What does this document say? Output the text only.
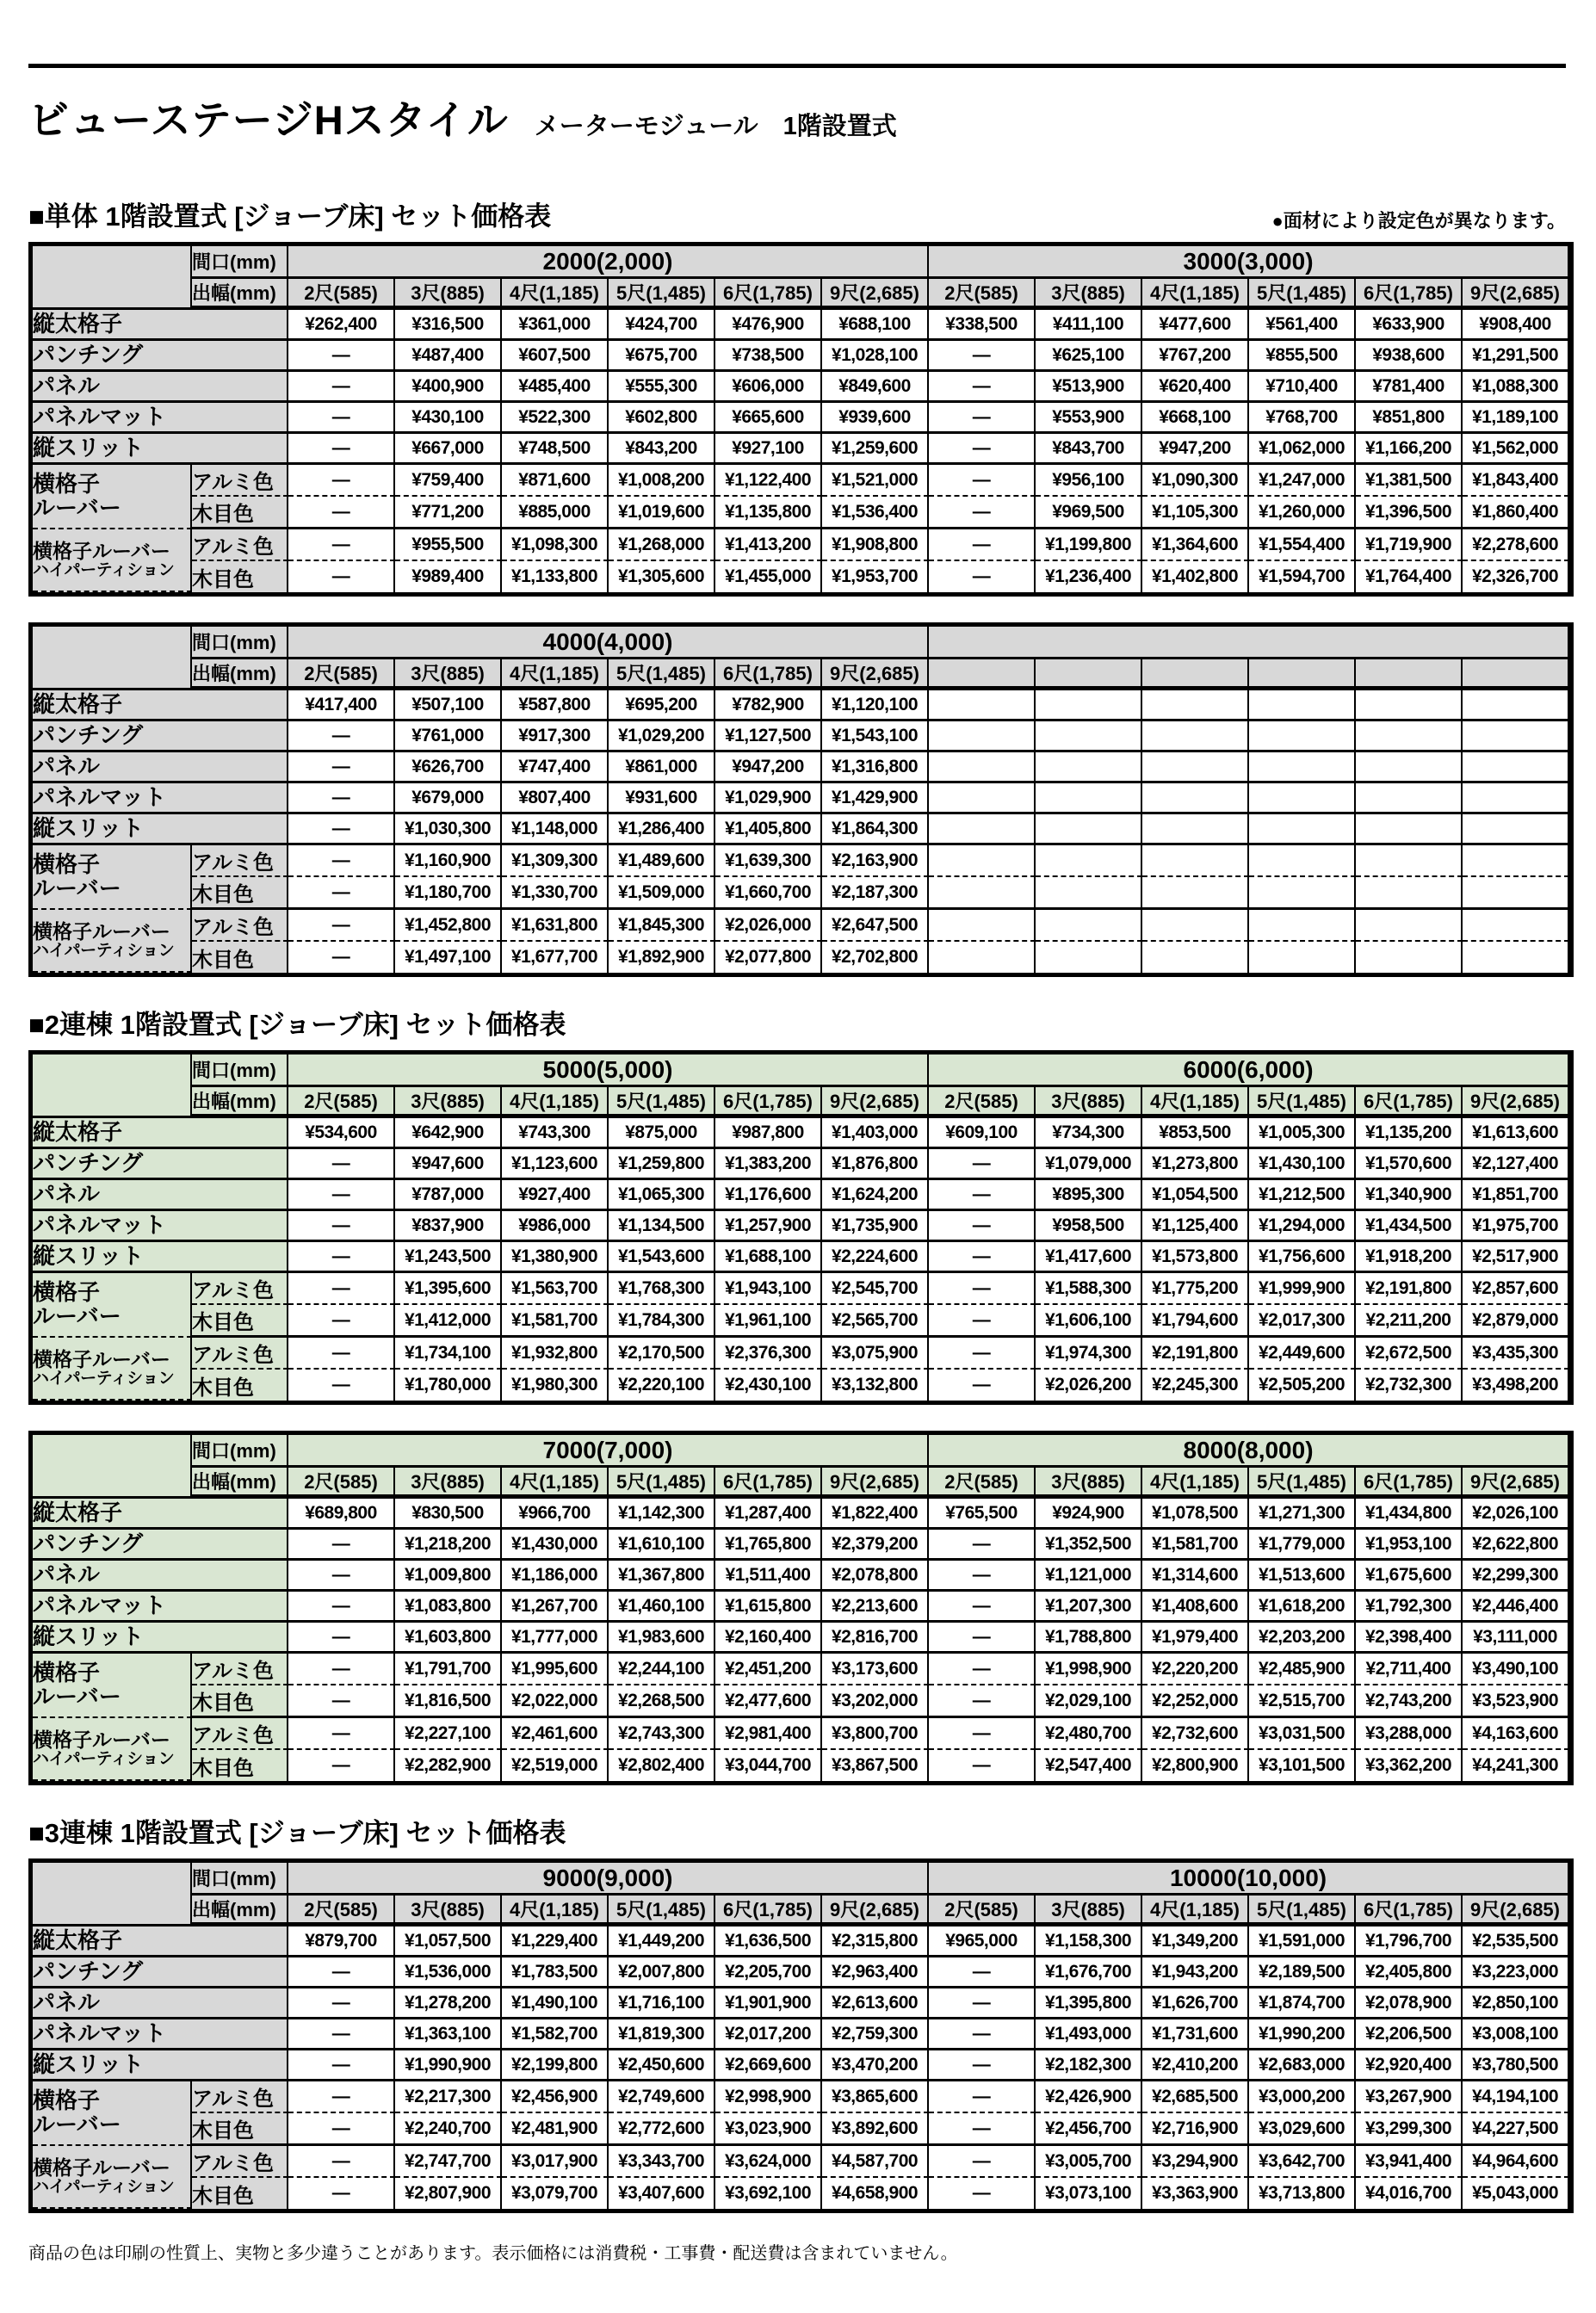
ビューステージHスタイル メーターモジュール　1階設置式
■単体 1階設置式 [ジョーブ床] セット価格表	●面材により設定色が異なります。
	間口(mm)	2000(2,000)						3000(3,000)					
	出幅(mm)	2尺(585)	3尺(885)	4尺(1,185)	5尺(1,485)	6尺(1,785)	9尺(2,685)	2尺(585)	3尺(885)	4尺(1,185)	5尺(1,485)	6尺(1,785)	9尺(2,685)

縦太格子		¥262,400	¥316,500	¥361,000	¥424,700	¥476,900	¥688,100	¥338,500	¥411,100	¥477,600	¥561,400	¥633,900	¥908,400

パンチング		―	¥487,400	¥607,500	¥675,700	¥738,500	¥1,028,100	―	¥625,100	¥767,200	¥855,500	¥938,600	¥1,291,500

パネル		―	¥400,900	¥485,400	¥555,300	¥606,000	¥849,600	―	¥513,900	¥620,400	¥710,400	¥781,400	¥1,088,300

パネルマット		―	¥430,100	¥522,300	¥602,800	¥665,600	¥939,600	―	¥553,900	¥668,100	¥768,700	¥851,800	¥1,189,100

縦スリット		―	¥667,000	¥748,500	¥843,200	¥927,100	¥1,259,600	―	¥843,700	¥947,200	¥1,062,000	¥1,166,200	¥1,562,000

横格子
ルーバー	アルミ色	―	¥759,400	¥871,600	¥1,008,200	¥1,122,400	¥1,521,000	―	¥956,100	¥1,090,300	¥1,247,000	¥1,381,500	¥1,843,400
	木目色	―	¥771,200	¥885,000	¥1,019,600	¥1,135,800	¥1,536,400	―	¥969,500	¥1,105,300	¥1,260,000	¥1,396,500	¥1,860,400

横格子ルーバー
ハイパーティション	アルミ色	―	¥955,500	¥1,098,300	¥1,268,000	¥1,413,200	¥1,908,800	―	¥1,199,800	¥1,364,600	¥1,554,400	¥1,719,900	¥2,278,600
	木目色	―	¥989,400	¥1,133,800	¥1,305,600	¥1,455,000	¥1,953,700	―	¥1,236,400	¥1,402,800	¥1,594,700	¥1,764,400	¥2,326,700
	間口(mm)	4000(4,000)											
	出幅(mm)	2尺(585)	3尺(885)	4尺(1,185)	5尺(1,485)	6尺(1,785)	9尺(2,685)						

縦太格子		¥417,400	¥507,100	¥587,800	¥695,200	¥782,900	¥1,120,100						

パンチング		―	¥761,000	¥917,300	¥1,029,200	¥1,127,500	¥1,543,100						

パネル		―	¥626,700	¥747,400	¥861,000	¥947,200	¥1,316,800						

パネルマット		―	¥679,000	¥807,400	¥931,600	¥1,029,900	¥1,429,900						

縦スリット		―	¥1,030,300	¥1,148,000	¥1,286,400	¥1,405,800	¥1,864,300						

横格子
ルーバー	アルミ色	―	¥1,160,900	¥1,309,300	¥1,489,600	¥1,639,300	¥2,163,900						
	木目色	―	¥1,180,700	¥1,330,700	¥1,509,000	¥1,660,700	¥2,187,300						

横格子ルーバー
ハイパーティション	アルミ色	―	¥1,452,800	¥1,631,800	¥1,845,300	¥2,026,000	¥2,647,500						
	木目色	―	¥1,497,100	¥1,677,700	¥1,892,900	¥2,077,800	¥2,702,800						
■2連棟 1階設置式 [ジョーブ床] セット価格表
	間口(mm)	5000(5,000)						6000(6,000)					
	出幅(mm)	2尺(585)	3尺(885)	4尺(1,185)	5尺(1,485)	6尺(1,785)	9尺(2,685)	2尺(585)	3尺(885)	4尺(1,185)	5尺(1,485)	6尺(1,785)	9尺(2,685)

縦太格子		¥534,600	¥642,900	¥743,300	¥875,000	¥987,800	¥1,403,000	¥609,100	¥734,300	¥853,500	¥1,005,300	¥1,135,200	¥1,613,600

パンチング		―	¥947,600	¥1,123,600	¥1,259,800	¥1,383,200	¥1,876,800	―	¥1,079,000	¥1,273,800	¥1,430,100	¥1,570,600	¥2,127,400

パネル		―	¥787,000	¥927,400	¥1,065,300	¥1,176,600	¥1,624,200	―	¥895,300	¥1,054,500	¥1,212,500	¥1,340,900	¥1,851,700

パネルマット		―	¥837,900	¥986,000	¥1,134,500	¥1,257,900	¥1,735,900	―	¥958,500	¥1,125,400	¥1,294,000	¥1,434,500	¥1,975,700

縦スリット		―	¥1,243,500	¥1,380,900	¥1,543,600	¥1,688,100	¥2,224,600	―	¥1,417,600	¥1,573,800	¥1,756,600	¥1,918,200	¥2,517,900

横格子
ルーバー	アルミ色	―	¥1,395,600	¥1,563,700	¥1,768,300	¥1,943,100	¥2,545,700	―	¥1,588,300	¥1,775,200	¥1,999,900	¥2,191,800	¥2,857,600
	木目色	―	¥1,412,000	¥1,581,700	¥1,784,300	¥1,961,100	¥2,565,700	―	¥1,606,100	¥1,794,600	¥2,017,300	¥2,211,200	¥2,879,000

横格子ルーバー
ハイパーティション	アルミ色	―	¥1,734,100	¥1,932,800	¥2,170,500	¥2,376,300	¥3,075,900	―	¥1,974,300	¥2,191,800	¥2,449,600	¥2,672,500	¥3,435,300
	木目色	―	¥1,780,000	¥1,980,300	¥2,220,100	¥2,430,100	¥3,132,800	―	¥2,026,200	¥2,245,300	¥2,505,200	¥2,732,300	¥3,498,200
	間口(mm)	7000(7,000)						8000(8,000)					
	出幅(mm)	2尺(585)	3尺(885)	4尺(1,185)	5尺(1,485)	6尺(1,785)	9尺(2,685)	2尺(585)	3尺(885)	4尺(1,185)	5尺(1,485)	6尺(1,785)	9尺(2,685)

縦太格子		¥689,800	¥830,500	¥966,700	¥1,142,300	¥1,287,400	¥1,822,400	¥765,500	¥924,900	¥1,078,500	¥1,271,300	¥1,434,800	¥2,026,100

パンチング		―	¥1,218,200	¥1,430,000	¥1,610,100	¥1,765,800	¥2,379,200	―	¥1,352,500	¥1,581,700	¥1,779,000	¥1,953,100	¥2,622,800

パネル		―	¥1,009,800	¥1,186,000	¥1,367,800	¥1,511,400	¥2,078,800	―	¥1,121,000	¥1,314,600	¥1,513,600	¥1,675,600	¥2,299,300

パネルマット		―	¥1,083,800	¥1,267,700	¥1,460,100	¥1,615,800	¥2,213,600	―	¥1,207,300	¥1,408,600	¥1,618,200	¥1,792,300	¥2,446,400

縦スリット		―	¥1,603,800	¥1,777,000	¥1,983,600	¥2,160,400	¥2,816,700	―	¥1,788,800	¥1,979,400	¥2,203,200	¥2,398,400	¥3,111,000

横格子
ルーバー	アルミ色	―	¥1,791,700	¥1,995,600	¥2,244,100	¥2,451,200	¥3,173,600	―	¥1,998,900	¥2,220,200	¥2,485,900	¥2,711,400	¥3,490,100
	木目色	―	¥1,816,500	¥2,022,000	¥2,268,500	¥2,477,600	¥3,202,000	―	¥2,029,100	¥2,252,000	¥2,515,700	¥2,743,200	¥3,523,900

横格子ルーバー
ハイパーティション	アルミ色	―	¥2,227,100	¥2,461,600	¥2,743,300	¥2,981,400	¥3,800,700	―	¥2,480,700	¥2,732,600	¥3,031,500	¥3,288,000	¥4,163,600
	木目色	―	¥2,282,900	¥2,519,000	¥2,802,400	¥3,044,700	¥3,867,500	―	¥2,547,400	¥2,800,900	¥3,101,500	¥3,362,200	¥4,241,300
■3連棟 1階設置式 [ジョーブ床] セット価格表
	間口(mm)	9000(9,000)						10000(10,000)					
	出幅(mm)	2尺(585)	3尺(885)	4尺(1,185)	5尺(1,485)	6尺(1,785)	9尺(2,685)	2尺(585)	3尺(885)	4尺(1,185)	5尺(1,485)	6尺(1,785)	9尺(2,685)

縦太格子		¥879,700	¥1,057,500	¥1,229,400	¥1,449,200	¥1,636,500	¥2,315,800	¥965,000	¥1,158,300	¥1,349,200	¥1,591,000	¥1,796,700	¥2,535,500

パンチング		―	¥1,536,000	¥1,783,500	¥2,007,800	¥2,205,700	¥2,963,400	―	¥1,676,700	¥1,943,200	¥2,189,500	¥2,405,800	¥3,223,000

パネル		―	¥1,278,200	¥1,490,100	¥1,716,100	¥1,901,900	¥2,613,600	―	¥1,395,800	¥1,626,700	¥1,874,700	¥2,078,900	¥2,850,100

パネルマット		―	¥1,363,100	¥1,582,700	¥1,819,300	¥2,017,200	¥2,759,300	―	¥1,493,000	¥1,731,600	¥1,990,200	¥2,206,500	¥3,008,100

縦スリット		―	¥1,990,900	¥2,199,800	¥2,450,600	¥2,669,600	¥3,470,200	―	¥2,182,300	¥2,410,200	¥2,683,000	¥2,920,400	¥3,780,500

横格子
ルーバー	アルミ色	―	¥2,217,300	¥2,456,900	¥2,749,600	¥2,998,900	¥3,865,600	―	¥2,426,900	¥2,685,500	¥3,000,200	¥3,267,900	¥4,194,100
	木目色	―	¥2,240,700	¥2,481,900	¥2,772,600	¥3,023,900	¥3,892,600	―	¥2,456,700	¥2,716,900	¥3,029,600	¥3,299,300	¥4,227,500

横格子ルーバー
ハイパーティション	アルミ色	―	¥2,747,700	¥3,017,900	¥3,343,700	¥3,624,000	¥4,587,700	―	¥3,005,700	¥3,294,900	¥3,642,700	¥3,941,400	¥4,964,600
	木目色	―	¥2,807,900	¥3,079,700	¥3,407,600	¥3,692,100	¥4,658,900	―	¥3,073,100	¥3,363,900	¥3,713,800	¥4,016,700	¥5,043,000
商品の色は印刷の性質上、実物と多少違うことがあります。表示価格には消費税・工事費・配送費は含まれていません。
